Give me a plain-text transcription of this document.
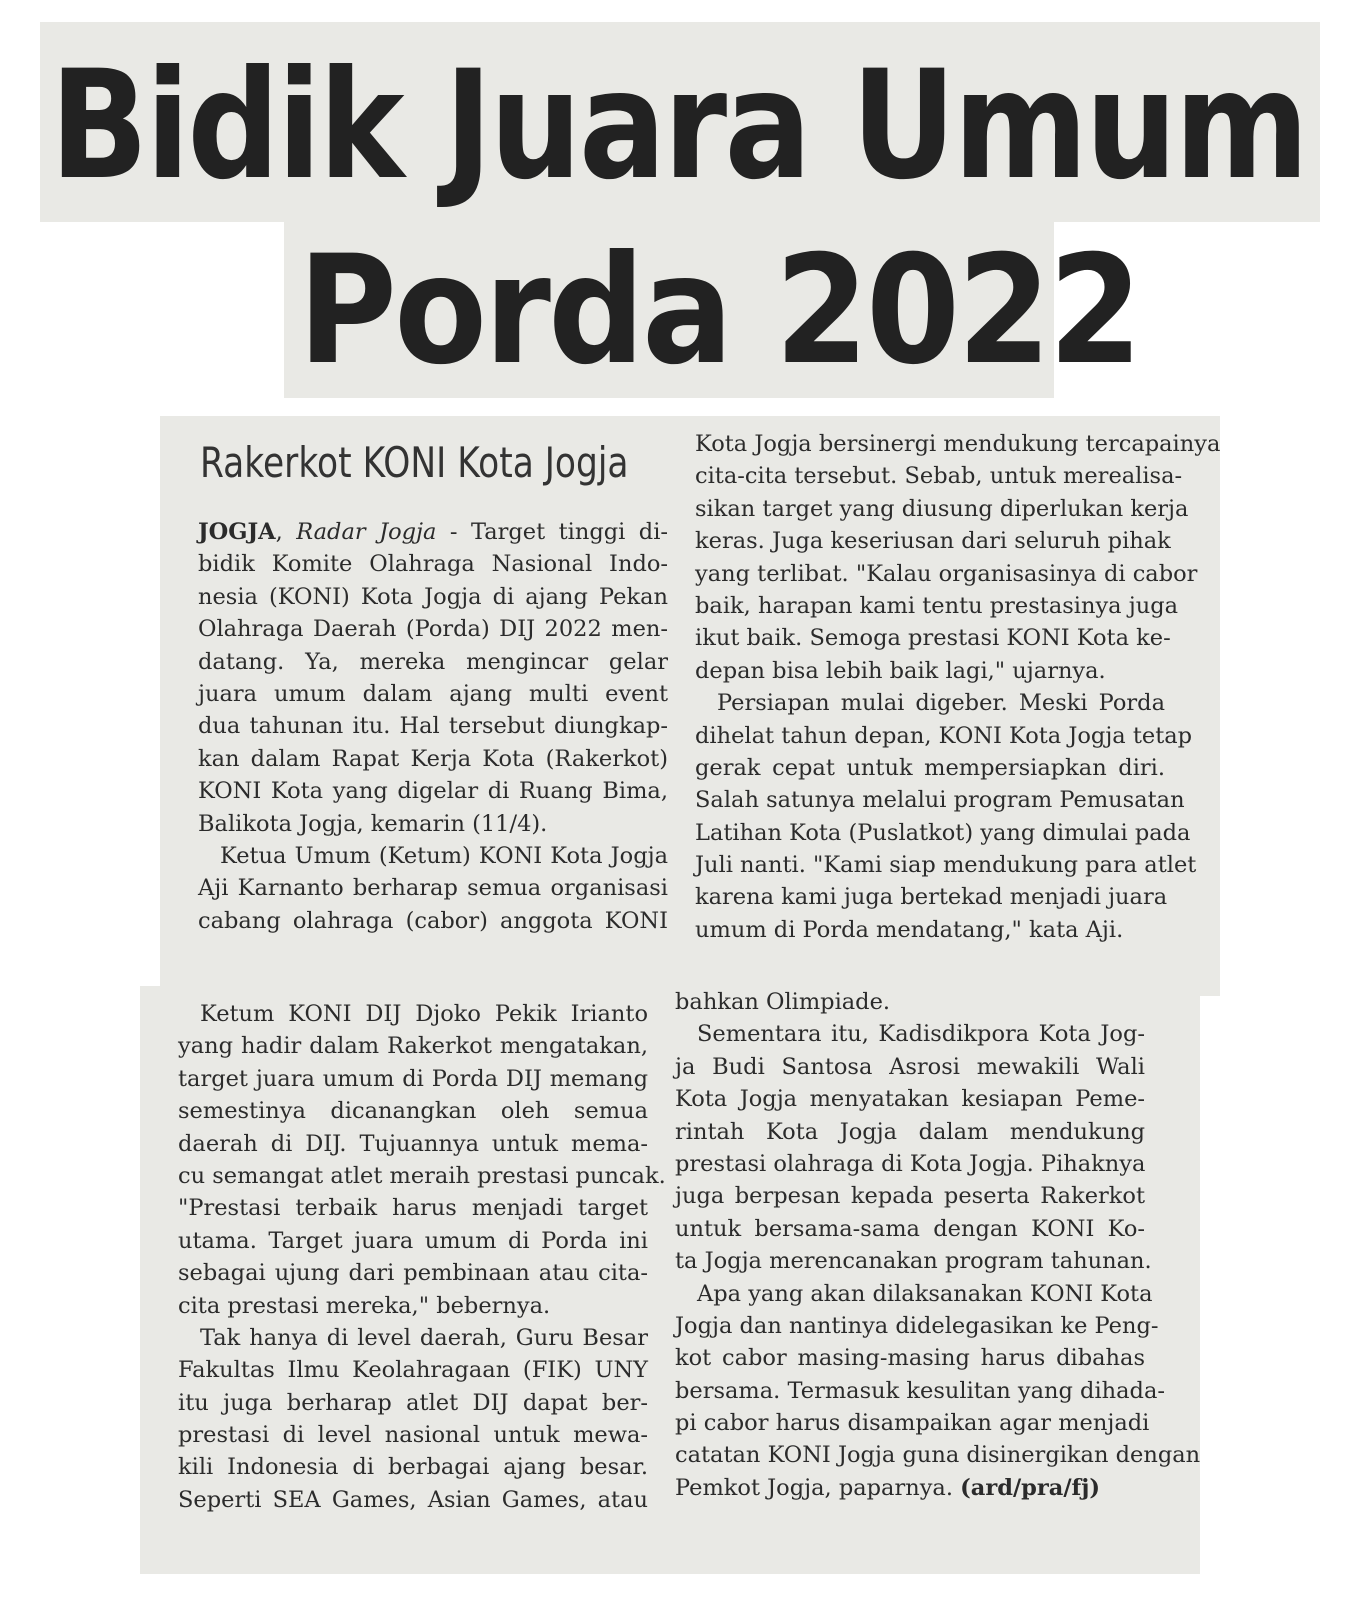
Bidik Juara Umum
Porda 2022
Rakerkot KONI Kota Jogja
JOGJA, Radar Jogja - Target tinggi di-
bidik Komite Olahraga Nasional Indo-
nesia (KONI) Kota Jogja di ajang Pekan
Olahraga Daerah (Porda) DIJ 2022 men-
datang. Ya, mereka mengincar gelar
juara umum dalam ajang multi event
dua tahunan itu. Hal tersebut diungkap-
kan dalam Rapat Kerja Kota (Rakerkot)
KONI Kota yang digelar di Ruang Bima,
Balikota Jogja, kemarin (11/4).
Ketua Umum (Ketum) KONI Kota Jogja
Aji Karnanto berharap semua organisasi
cabang olahraga (cabor) anggota KONI
Kota Jogja bersinergi mendukung tercapainya
cita-cita tersebut. Sebab, untuk merealisa-
sikan target yang diusung diperlukan kerja
keras. Juga keseriusan dari seluruh pihak
yang terlibat. "Kalau organisasinya di cabor
baik, harapan kami tentu prestasinya juga
ikut baik. Semoga prestasi KONI Kota ke-
depan bisa lebih baik lagi," ujarnya.
Persiapan mulai digeber. Meski Porda
dihelat tahun depan, KONI Kota Jogja tetap
gerak cepat untuk mempersiapkan diri.
Salah satunya melalui program Pemusatan
Latihan Kota (Puslatkot) yang dimulai pada
Juli nanti. "Kami siap mendukung para atlet
karena kami juga bertekad menjadi juara
umum di Porda mendatang," kata Aji.
Ketum KONI DIJ Djoko Pekik Irianto
yang hadir dalam Rakerkot mengatakan,
target juara umum di Porda DIJ memang
semestinya dicanangkan oleh semua
daerah di DIJ. Tujuannya untuk mema-
cu semangat atlet meraih prestasi puncak.
"Prestasi terbaik harus menjadi target
utama. Target juara umum di Porda ini
sebagai ujung dari pembinaan atau cita-
cita prestasi mereka," bebernya.
Tak hanya di level daerah, Guru Besar
Fakultas Ilmu Keolahragaan (FIK) UNY
itu juga berharap atlet DIJ dapat ber-
prestasi di level nasional untuk mewa-
kili Indonesia di berbagai ajang besar.
Seperti SEA Games, Asian Games, atau
bahkan Olimpiade.
Sementara itu, Kadisdikpora Kota Jog-
ja Budi Santosa Asrosi mewakili Wali
Kota Jogja menyatakan kesiapan Peme-
rintah Kota Jogja dalam mendukung
prestasi olahraga di Kota Jogja. Pihaknya
juga berpesan kepada peserta Rakerkot
untuk bersama-sama dengan KONI Ko-
ta Jogja merencanakan program tahunan.
Apa yang akan dilaksanakan KONI Kota
Jogja dan nantinya didelegasikan ke Peng-
kot cabor masing-masing harus dibahas
bersama. Termasuk kesulitan yang dihada-
pi cabor harus disampaikan agar menjadi
catatan KONI Jogja guna disinergikan dengan
Pemkot Jogja, paparnya. (ard/pra/fj)
